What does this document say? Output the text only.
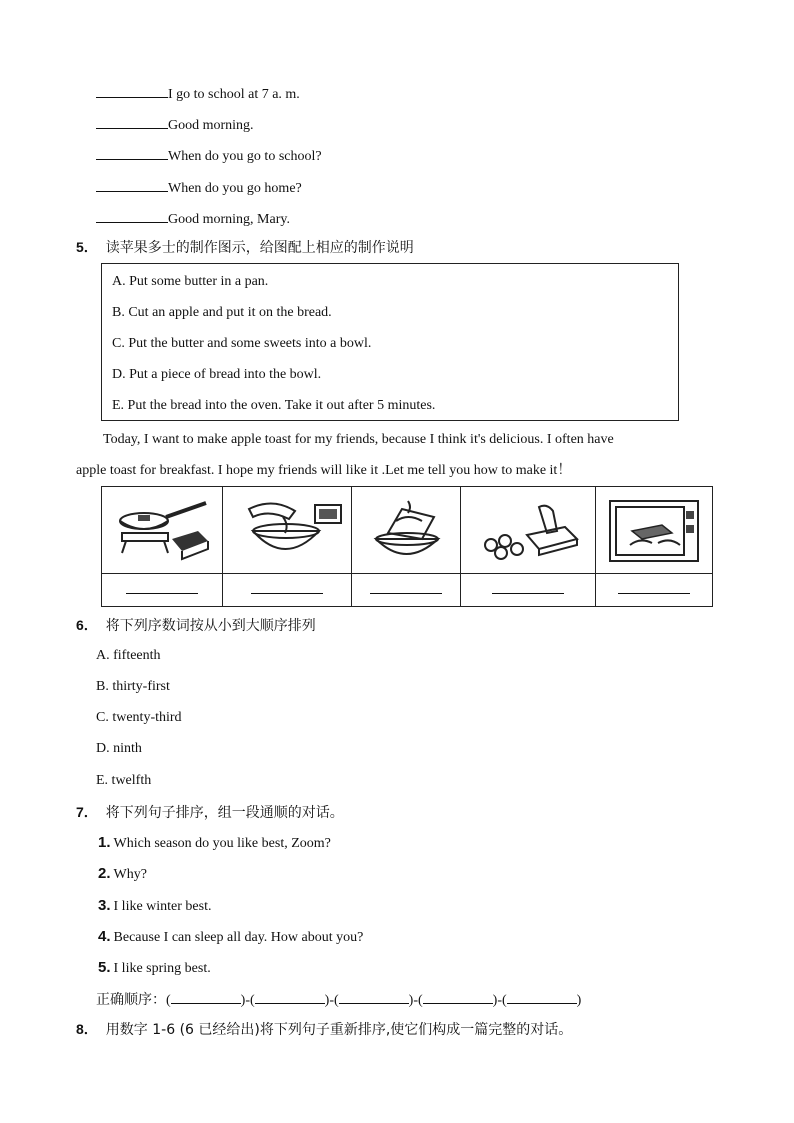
I go to school at 7 a. m.
Good morning.
When do you go to school?
When do you go home?
Good morning, Mary.
5． 读苹果多士的制作图示，给图配上相应的制作说明
A. Put some butter in a pan.
B. Cut an apple and put it on the bread.
C. Put the butter and some sweets into a bowl.
D. Put a piece of bread into the bowl.
E. Put the bread into the oven. Take it out after 5 minutes.
Today, I want to make apple toast for my friends, because I think it's delicious. I often have
apple toast for breakfast. I hope my friends will like it .Let me tell you how to make it！

6． 将下列序数词按从小到大顺序排列
A. fifteenth
B. thirty-first
C. twenty-third
D. ninth
E. twelfth
7． 将下列句子排序，组一段通顺的对话。
1. Which season do you like best, Zoom?
2. Why?
3. I like winter best.
4. Because I can sleep all day. How about you?
5. I like spring best.
正确顺序：(	)-(	)-(	)-(	)-(	)
8． 用数字 1-6 (6 已经给出)将下列句子重新排序,使它们构成一篇完整的对话。
